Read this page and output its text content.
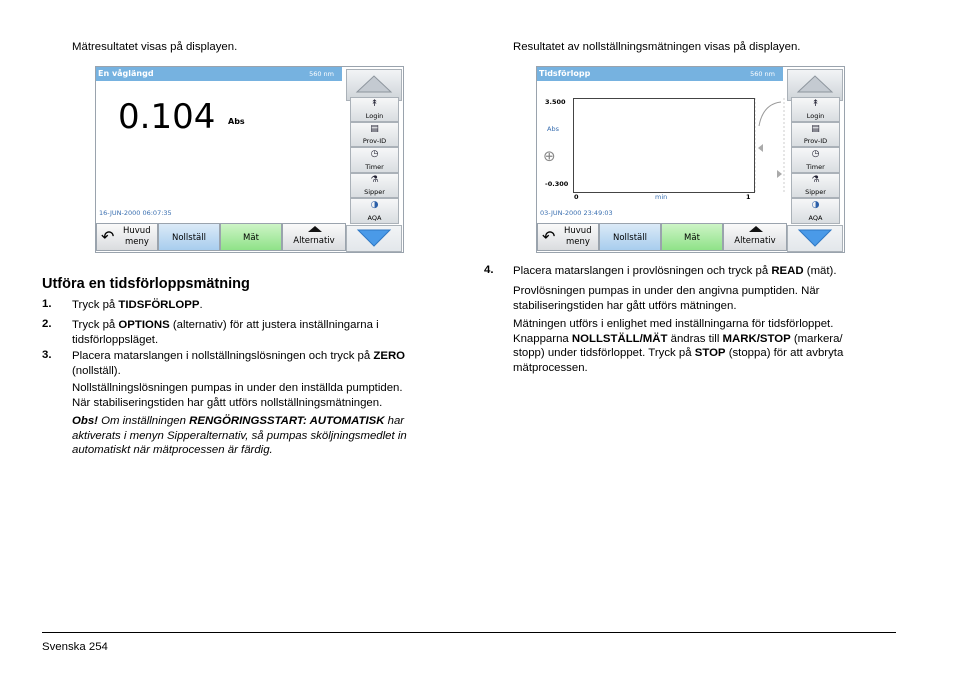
Mätresultatet visas på displayen.
En våglängd	560 nm
0.104 Abs
16-JUN-2000 06:07:35
↟
Login
▤
Prov-ID
◷
Timer
⚗
Sipper
◑
AQA
↶ Huvud
meny	Nollställ	Mät	Alternativ
Utföra en tidsförloppsmätning
1. Tryck på TIDSFÖRLOPP.
2. Tryck på OPTIONS (alternativ) för att justera inställningarna i
tidsförloppsläget.
3. Placera matarslangen i nollställningslösningen och tryck på ZERO
(nollställ).
Nollställningslösningen pumpas in under den inställda pumptiden.
När stabiliseringstiden har gått utförs nollställningsmätningen.
Obs! Om inställningen RENGÖRINGSSTART: AUTOMATISK har
aktiverats i menyn Sipperalternativ, så pumpas sköljningsmedlet in
automatiskt när mätprocessen är färdig.
Resultatet av nollställningsmätningen visas på displayen.
Tidsförlopp	560 nm
3.500
Abs
⊕
-0.300
0	min	1
03-JUN-2000 23:49:03
↟
Login
▤
Prov-ID
◷
Timer
⚗
Sipper
◑
AQA
↶ Huvud
meny	Nollställ	Mät	Alternativ
4. Placera matarslangen i provlösningen och tryck på READ (mät).
Provlösningen pumpas in under den angivna pumptiden. När
stabiliseringstiden har gått utförs mätningen.
Mätningen utförs i enlighet med inställningarna för tidsförloppet.
Knapparna NOLLSTÄLL/MÄT ändras till MARK/STOP (markera/
stopp) under tidsförloppet. Tryck på STOP (stoppa) för att avbryta
mätprocessen.
Svenska 254
